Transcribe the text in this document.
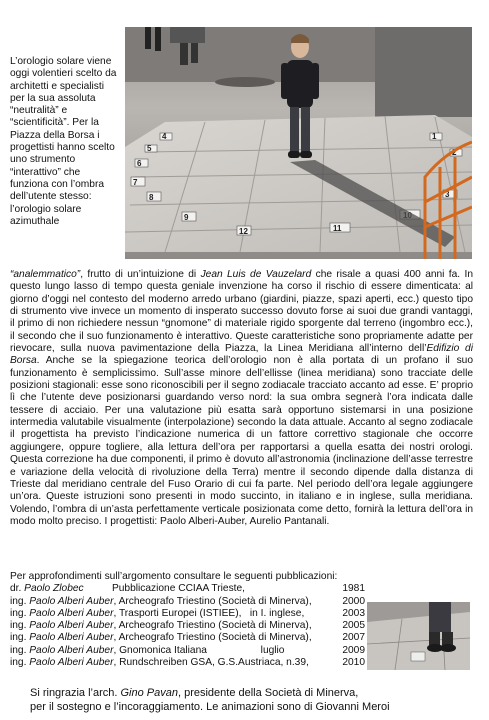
L’orologio solare viene oggi volentieri scelto da architetti e specialisti per la sua assoluta “neutralità” e “scientificità”. Per la Piazza della Borsa i progettisti hanno scelto uno strumento “interattivo” che funziona con l’ombra dell’utente stesso: l’orologio solare azimuthale
12
9
8
7
6
5
4
11
3
2
1

“analemmatico”, frutto di un’intuizione di Jean Luis de Vauzelard che risale a quasi 400 anni fa. In questo lungo lasso di tempo questa geniale invenzione ha corso il rischio di essere dimenticata: al giorno d’oggi nel contesto del moderno arredo urbano (giardini, piazze, spazi aperti, ecc.) questo tipo di strumento vive invece un momento di insperato successo dovuto forse ai suoi due grandi vantaggi, il primo di non richiedere nessun “gnomone” di materiale rigido sporgente dal terreno (ingombro ecc.), il secondo che il suo funzionamento è interattivo. Queste caratteristiche sono propriamente adatte per rievocare, sulla nuova pavimentazione della Piazza, la Linea Meridiana all’interno dell’Edifizio di Borsa. Anche se la spiegazione teorica dell’orologio non è alla portata di un profano il suo funzionamento è semplicissimo. Sull’asse minore dell’ellisse (linea meridiana) sono tracciate delle posizioni stagionali: esse sono riconoscibili per il segno zodiacale tracciato accanto ad esse. E’ proprio lì che l’utente deve posizionarsi guardando verso nord: la sua ombra segnerà l’ora indicata dalle tessere di acciaio. Per una valutazione più esatta sarà opportuno sistemarsi in una posizione intermedia valutabile visualmente (interpolazione) secondo la data attuale. Accanto al segno zodiacale il progettista ha previsto l’indicazione numerica di un fattore correttivo stagionale che occorre aggiungere, oppure togliere, alla lettura dell’ora per rapportarsi a quella esatta dei nostri orologi. Questa correzione ha due componenti, il primo è dovuto all’astronomia (inclinazione dell’asse terrestre e variazione della velocità di rivoluzione della Terra) mentre il secondo dipende dalla distanza di Trieste dal meridiano centrale del Fuso Orario di cui fa parte. Nel periodo dell’ora legale aggiungere un’ora. Queste istruzioni sono presenti in modo succinto, in italiano e in inglese, sulla meridiana. Volendo, l’ombra di un’asta perfettamente verticale posizionata come detto, fornirà la lettura dell’ora in modo molto preciso. I progettisti: Paolo Alberi-Auber, Aurelio Pantanali.

Per approfondimenti sull’argomento consultare le seguenti pubblicazioni:
dr. Paolo Zlobec          Pubblicazione CCIAA Trieste,	1981
ing. Paolo Alberi Auber, Archeografo Triestino (Società di Minerva),	2000
ing. Paolo Alberi Auber, Trasporti Europei (ISTIEE),   in I. inglese,	2003
ing. Paolo Alberi Auber, Archeografo Triestino (Società di Minerva),	2005
ing. Paolo Alberi Auber, Archeografo Triestino (Società di Minerva),	2007
ing. Paolo Alberi Auber, Gnomonica Italiana                   luglio	2009
ing. Paolo Alberi Auber, Rundschreiben GSA, G.S.Austriaca, n.39,	2010
Si ringrazia l’arch. Gino Pavan, presidente della Società di Minerva,
per il sostegno e l’incoraggiamento. Le animazioni sono di Giovanni Meroi
